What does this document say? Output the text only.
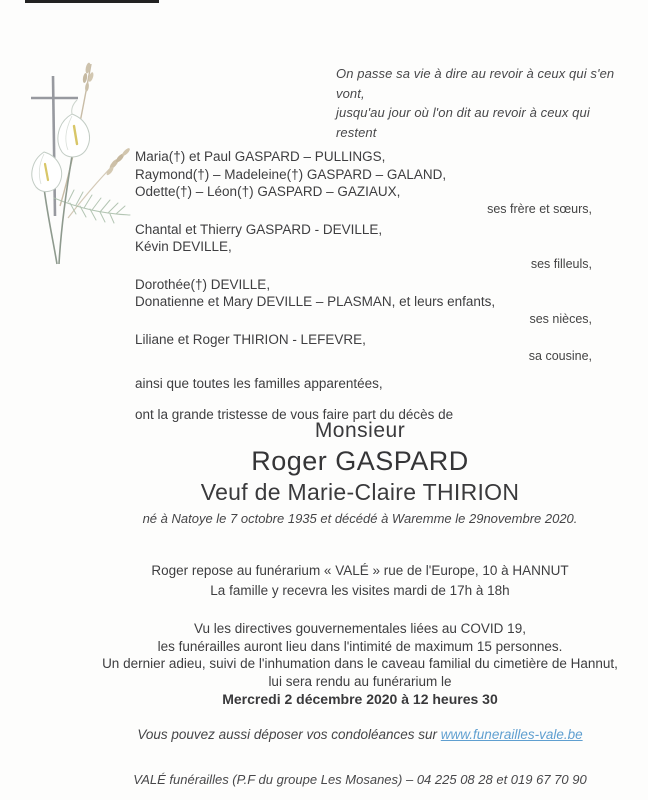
On passe sa vie à dire au revoir à ceux qui s'en vont,
jusqu'au jour où l'on dit au revoir à ceux qui restent
Maria(†) et Paul GASPARD – PULLINGS,
Raymond(†) – Madeleine(†) GASPARD – GALAND,
Odette(†) – Léon(†) GASPARD – GAZIAUX,
ses frère et sœurs,
Chantal et Thierry GASPARD - DEVILLE,
Kévin DEVILLE,
ses filleuls,
Dorothée(†) DEVILLE,
Donatienne et Mary DEVILLE – PLASMAN, et leurs enfants,
ses nièces,
Liliane et Roger THIRION - LEFEVRE,
sa cousine,
ainsi que toutes les familles apparentées,
ont la grande tristesse de vous faire part du décès de
Monsieur
Roger GASPARD
Veuf de Marie-Claire THIRION
né à Natoye le 7 octobre 1935 et décédé à Waremme le 29novembre 2020.
Roger repose au funérarium « VALÉ » rue de l'Europe, 10 à HANNUT
La famille y recevra les visites mardi de 17h à 18h
Vu les directives gouvernementales liées au COVID 19,
les funérailles auront lieu dans l'intimité de maximum 15 personnes.
Un dernier adieu, suivi de l'inhumation dans le caveau familial du cimetière de Hannut,
lui sera rendu au funérarium le
Mercredi 2 décembre 2020 à 12 heures 30
Vous pouvez aussi déposer vos condoléances sur www.funerailles-vale.be
VALÉ funérailles (P.F du groupe Les Mosanes) – 04 225 08 28 et 019 67 70 90
